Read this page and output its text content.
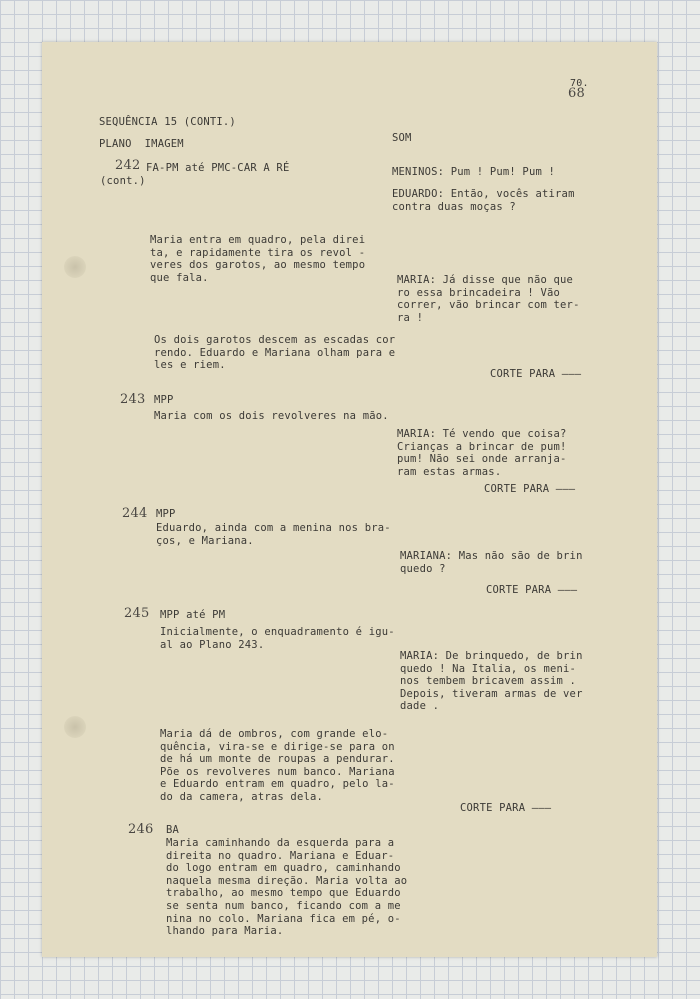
70.
68
SEQUÊNCIA 15 (CONTI.)
PLANO  IMAGEM	SOM
242 FA-PM até PMC-CAR A RÉ
(cont.)
MENINOS: Pum ! Pum! Pum !
EDUARDO: Então, vocês atiram
contra duas moças ?
Maria entra em quadro, pela direi
ta, e rapidamente tira os revol -
veres dos garotos, ao mesmo tempo
que fala.	MARIA: Já disse que não que
ro essa brincadeira ! Vão
correr, vão brincar com ter-
ra !
Os dois garotos descem as escadas cor
rendo. Eduardo e Mariana olham para e
les e riem.
CORTE PARA ———
243 MPP
Maria com os dois revolveres na mão.
MARIA: Té vendo que coisa?
Crianças a brincar de pum!
pum! Não sei onde arranja-
ram estas armas.
CORTE PARA ———
244 MPP
Eduardo, ainda com a menina nos bra-
ços, e Mariana.
MARIANA: Mas não são de brin
quedo ?
CORTE PARA ———
245 MPP até PM
Inicialmente, o enquadramento é igu-
al ao Plano 243.
MARIA: De brinquedo, de brin
quedo ! Na Italia, os meni-
nos tembem bricavem assim .
Depois, tiveram armas de ver
dade .
Maria dá de ombros, com grande elo-
quência, vira-se e dirige-se para on
de há um monte de roupas a pendurar.
Põe os revolveres num banco. Mariana
e Eduardo entram em quadro, pelo la-
do da camera, atras dela.
CORTE PARA ———
246 BA
Maria caminhando da esquerda para a
direita no quadro. Mariana e Eduar-
do logo entram em quadro, caminhando
naquela mesma direção. Maria volta ao
trabalho, ao mesmo tempo que Eduardo
se senta num banco, ficando com a me
nina no colo. Mariana fica em pé, o-
lhando para Maria.
